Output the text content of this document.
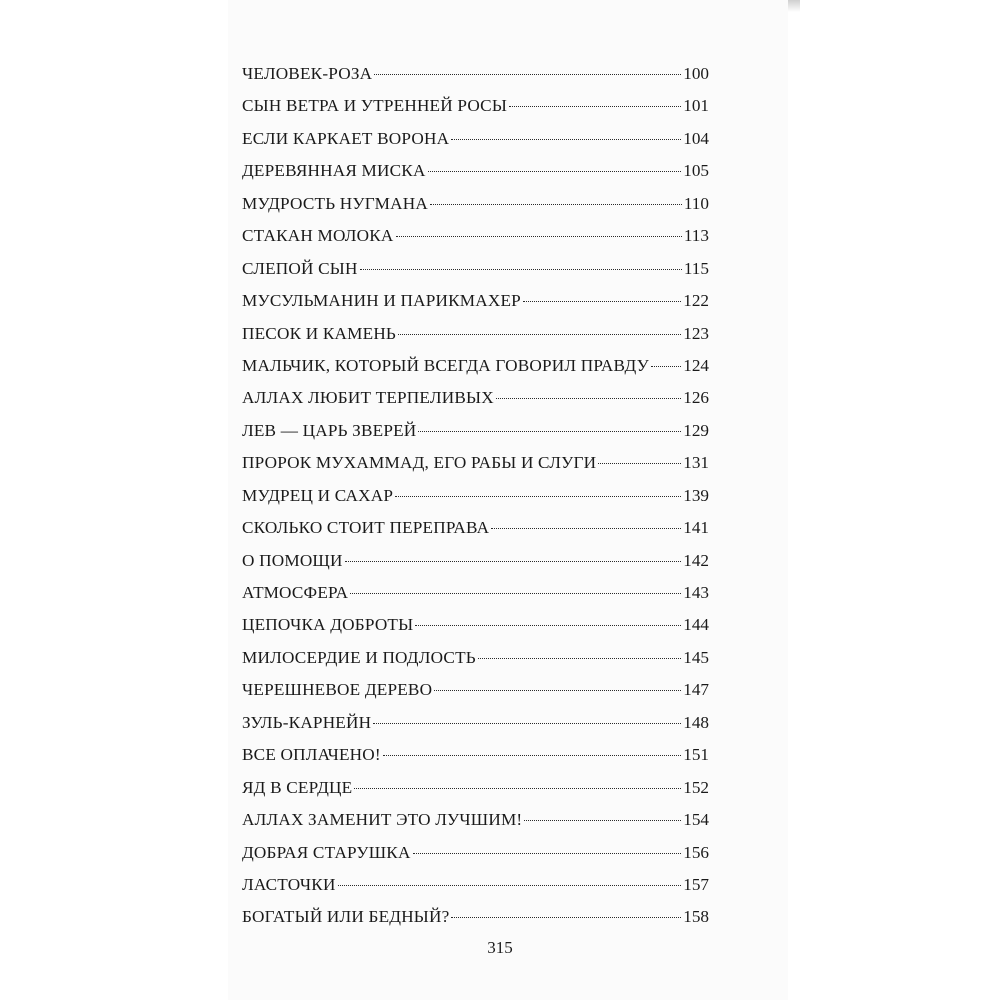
ЧЕЛОВЕК-РОЗА	100
СЫН ВЕТРА И УТРЕННЕЙ РОСЫ	101
ЕСЛИ КАРКАЕТ ВОРОНА	104
ДЕРЕВЯННАЯ МИСКА	105
МУДРОСТЬ НУГМАНА	110
СТАКАН МОЛОКА	113
СЛЕПОЙ СЫН	115
МУСУЛЬМАНИН И ПАРИКМАХЕР	122
ПЕСОК И КАМЕНЬ	123
МАЛЬЧИК, КОТОРЫЙ ВСЕГДА ГОВОРИЛ ПРАВДУ 124
АЛЛАХ ЛЮБИТ ТЕРПЕЛИВЫХ	126
ЛЕВ — ЦАРЬ ЗВЕРЕЙ	129
ПРОРОК МУХАММАД, ЕГО РАБЫ И СЛУГИ	131
МУДРЕЦ И САХАР	139
СКОЛЬКО СТОИТ ПЕРЕПРАВА	141
О ПОМОЩИ	142
АТМОСФЕРА	143
ЦЕПОЧКА ДОБРОТЫ	144
МИЛОСЕРДИЕ И ПОДЛОСТЬ	145
ЧЕРЕШНЕВОЕ ДЕРЕВО	147
ЗУЛЬ-КАРНЕЙН	148
ВСЕ ОПЛАЧЕНО!	151
ЯД В СЕРДЦЕ	152
АЛЛАХ ЗАМЕНИТ ЭТО ЛУЧШИМ!	154
ДОБРАЯ СТАРУШКА	156
ЛАСТОЧКИ	157
БОГАТЫЙ ИЛИ БЕДНЫЙ?	158
315
